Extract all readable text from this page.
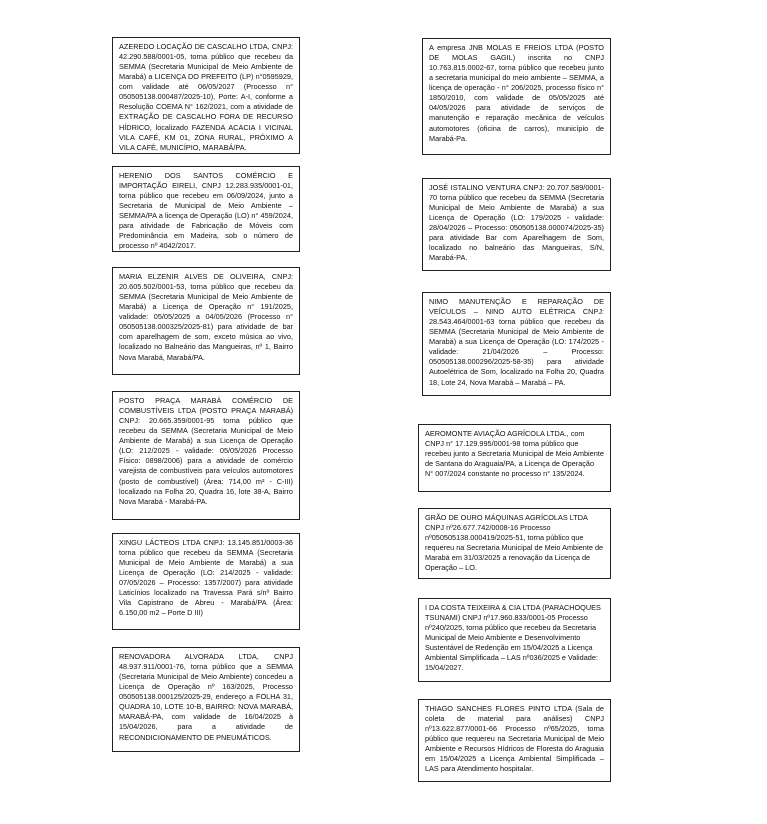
AZEREDO LOCAÇÃO DE CASCALHO LTDA, CNPJ: 42.290.588/0001-05, torna público que recebeu da SEMMA (Secretaria Municipal de Meio Ambiente de Marabá) a LICENÇA DO PREFEITO (LP) n°0595929, com validade até 06/05/2027 (Processo n° 050505138.000487/2025-10), Porte: A-I, conforme a Resolução COEMA N° 162/2021, com a atividade de EXTRAÇÃO DE CASCALHO FORA DE RECURSO HÍDRICO, localizado FAZENDA ACACIA I VICINAL VILA CAFÉ, KM 01, ZONA RURAL, PRÓXIMO A VILA CAFÉ, MUNICÍPIO, MARABÁ/PA.

HERENIO DOS SANTOS COMÉRCIO E IMPORTAÇÃO EIRELI, CNPJ 12.283.935/0001-01, torna público que recebeu em 06/09/2024, junto a Secretaria de Municipal de Meio Ambiente – SEMMA/PA a licença de Operação (LO) n° 459/2024, para atividade de Fabricação de Móveis com Predominância em Madeira, sob o número de processo nº 4042/2017.

MARIA ELZENIR ALVES DE OLIVEIRA, CNPJ: 20.605.502/0001-53, torna público que recebeu da SEMMA (Secretaria Municipal de Meio Ambiente de Marabá) a Licença de Operação n° 191/2025, validade: 05/05/2025 a 04/05/2026 (Processo n° 050505138.000325/2025-81) para atividade de bar com aparelhagem de som, exceto música ao vivo, localizado no Balneário das Mangueiras, nº 1, Bairro Nova Marabá, Marabá/PA.

POSTO PRAÇA MARABÁ COMÉRCIO DE COMBUSTÍVEIS LTDA (POSTO PRAÇA MARABÁ) CNPJ: 20.665.359/0001-95 torna público que recebeu da SEMMA (Secretaria Municipal de Meio Ambiente de Marabá) a sua Licença de Operação (LO: 212/2025 - validade: 05/05/2026 Processo Físico: 0898/2006) para a atividade de comércio varejista de combustíveis para veículos automotores (posto de combustível) (Área: 714,00 m² - C-III) localizado na Folha 20, Quadra 16, lote 38-A, Bairro Nova Marabá - Marabá-PA.

XINGU LÁCTEOS LTDA CNPJ: 13.145.851/0003-36 torna público que recebeu da SEMMA (Secretaria Municipal de Meio Ambiente de Marabá) a sua Licença de Operação (LO: 214/2025 - validade: 07/05/2026 – Processo: 1357/2007) para atividade Laticínios localizado na Travessa Pará s/nº Bairro Vila Capistrano de Abreu - Marabá/PA (Área: 6.150,00 m2 – Porte D III)

RENOVADORA ALVORADA LTDA, CNPJ 48.937.911/0001-76, torna público que a SEMMA (Secretaria Municipal de Meio Ambiente) concedeu a Licença de Operação nº 163/2025, Processo 050505138.000125/2025-29, endereço a FOLHA 31, QUADRA 10, LOTE 10-B, BAIRRO: NOVA MARABÁ, MARABÁ-PA, com validade de 16/04/2025 à 15/04/2026, para a atividade de RECONDICIONAMENTO DE PNEUMÁTICOS.

A empresa JNB MOLAS E FREIOS LTDA (POSTO DE MOLAS GAGIL) inscrita no CNPJ 10.763.815.0002-67, torna público que recebeu junto a secretaria municipal do meio ambiente – SEMMA, a licença de operação - n° 206/2025, processo físico n° 1850/2010, com validade de 05/05/2025 até 04/05/2026 para atividade de serviços de manutenção e reparação mecânica de veículos automotores (oficina de carros), município de Marabá-Pa.

JOSÉ ISTALINO VENTURA CNPJ: 20.707.589/0001-70 torna público que recebeu da SEMMA (Secretaria Municipal de Meio Ambiente de Marabá) a sua Licença de Operação (LO: 179/2025 - validade: 28/04/2026 – Processo: 050505138.000074/2025-35) para atividade Bar com Aparelhagem de Som, localizado no balneário das Mangueiras, S/N, Marabá-PA.

NIMO MANUTENÇÃO E REPARAÇÃO DE VEÍCULOS – NINO AUTO ELÉTRICA CNPJ: 28.543.464/0001-63 torna público que recebeu da SEMMA (Secretaria Municipal de Meio Ambiente de Marabá) a sua Licença de Operação (LO: 174/2025 - validade: 21/04/2026 – Processo: 050505138.000296/2025-58-35) para atividade Autoelétrica de Som, localizado na Folha 20, Quadra 18, Lote 24, Nova Marabá – Marabá – PA.

AEROMONTE AVIAÇÃO AGRÍCOLA LTDA., com CNPJ n° 17.129.995/0001-98 torna público que recebeu junto a Secretaria Municipal de Meio Ambiente de Santana do Araguaia/PA, a Licença de Operação N° 007/2024 constante no processo n° 135/2024.

GRÃO DE OURO MÁQUINAS AGRÍCOLAS LTDA CNPJ nº26.677.742/0008-16 Processo nº050505138.000419/2025-51, torna público que requereu na Secretaria Municipal de Meio Ambiente de Marabá em 31/03/2025 a renovação da Licença de Operação – LO.

I DA COSTA TEIXEIRA & CIA LTDA (PARACHOQUES TSUNAMI) CNPJ nº17.960.833/0001-05 Processo nº240/2025, torna público que recebeu da Secretaria Municipal de Meio Ambiente e Desenvolvimento Sustentável de Redenção em 15/04/2025 a Licença Ambiental Simplificada – LAS nº036/2025 e Validade: 15/04/2027.

THIAGO SANCHES FLORES PINTO LTDA (Sala de coleta de material para análises) CNPJ nº13.622.877/0001-66 Processo nº65/2025, torna público que requereu na Secretaria Municipal de Meio Ambiente e Recursos Hídricos de Floresta do Araguaia em 15/04/2025 a Licença Ambiental Simplificada – LAS para Atendimento hospitalar.
